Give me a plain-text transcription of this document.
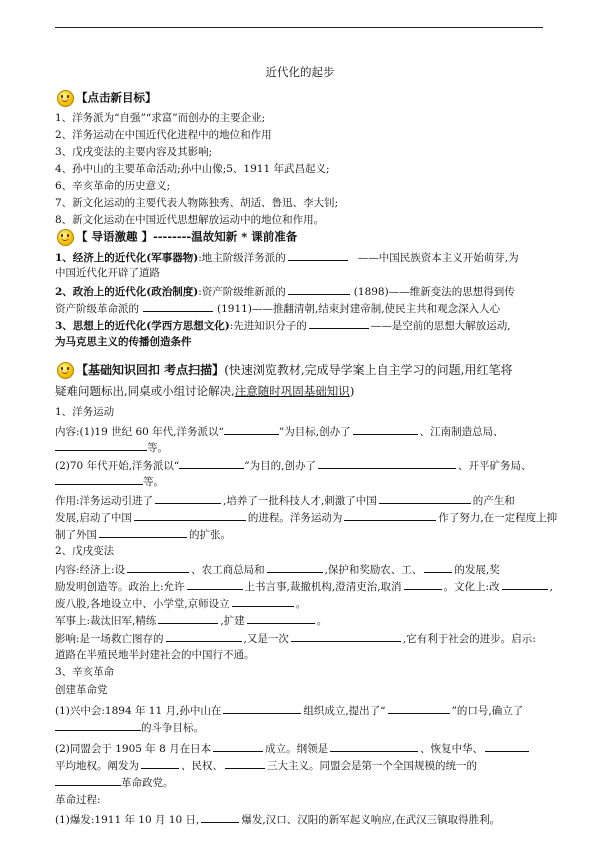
近代化的起步
【点击新目标】
1、洋务派为“自强”“求富”而创办的主要企业;
2、洋务运动在中国近代化进程中的地位和作用
3、戊戌变法的主要内容及其影响;
4、孙中山的主要革命活动;孙中山像;5、1911 年武昌起义;
6、辛亥革命的历史意义;
7、新文化运动的主要代表人物陈独秀、胡适、鲁迅、李大钊;
8、新文化运动在中国近代思想解放运动中的地位和作用。
【 导语激趣 】--------温故知新 * 课前准备
1、经济上的近代化(军事器物):地主阶级洋务派的	——中国民族资本主义开始萌芽,为
中国近代化开辟了道路
2、政治上的近代化(政治制度):资产阶级维新派的	(1898)——维新变法的思想得到传
资产阶级革命派的	(1911)——推翻清朝,结束封建帝制,使民主共和观念深入人心
3、思想上的近代化(学西方思想文化):先进知识分子的	——是空前的思想大解放运动,
为马克思主义的传播创造条件
【基础知识回扣 考点扫描】(快速浏览教材,完成导学案上自主学习的问题,用红笔将
疑难问题标出,同桌或小组讨论解决,注意随时巩固基础知识)
1、洋务运动
内容:(1)19 世纪 60 年代,洋务派以“	”为目标,创办了	、江南制造总局、
等。
(2)70 年代开始,洋务派以“	”为目的,创办了	、开平矿务局、
等。
作用:洋务运动引进了	,培养了一批科技人才,刺激了中国	的产生和
发展,启动了中国	的进程。洋务运动为	作了努力,在一定程度上抑
制了外国	的扩张。
2、戊戌变法
内容:经济上:设	、农工商总局和	,保护和奖励农、工、	的发展,奖
励发明创造等。政治上:允许	上书言事,裁撤机构,澄清吏治,取消	。文化上:改	,
废八股,各地设立中、小学堂,京师设立	。
军事上:裁汰旧军,精练	,扩建	。
影响:是一场救亡图存的	,又是一次	,它有利于社会的进步。启示:
道路在半殖民地半封建社会的中国行不通。
3、辛亥革命
创建革命党
(1)兴中会:1894 年 11 月,孙中山在	组织成立,提出了“	”的口号,确立了
的斗争目标。
(2)同盟会于 1905 年 8 月在日本	成立。纲领是	、恢复中华、
平均地权。阐发为	、民权、	三大主义。同盟会是第一个全国规模的统一的
革命政党。
革命过程:
(1)爆发:1911 年 10 月 10 日,	爆发,汉口、汉阳的新军起义响应,在武汉三镇取得胜利。
